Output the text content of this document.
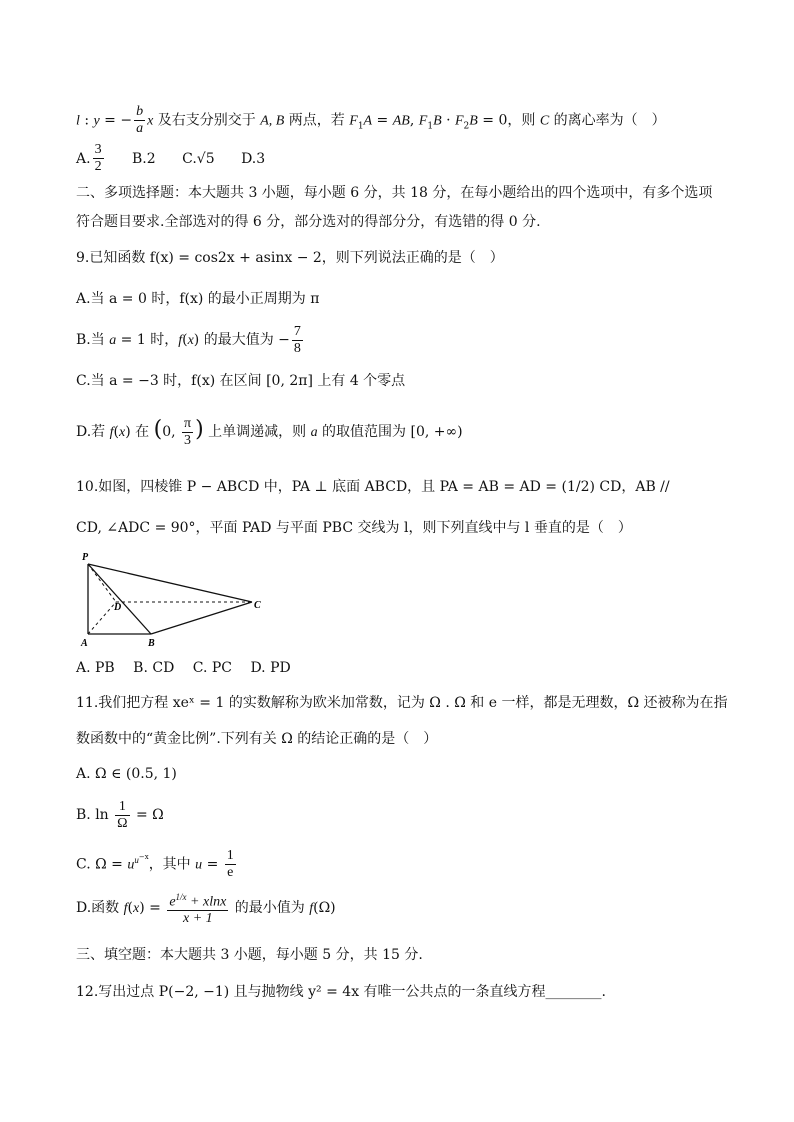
l : y = − $\frac{b}{a}$ x 及右支分别交于 A, B 两点，若 $F_1A$ = AB, $F_1B \cdot F_2B = 0$，则 C 的离心率为（　）
A. $\frac{3}{2} B.2$ C.√5 D.3
二、多项选择题：本大题共 3 小题，每小题 6 分，共 18 分，在每小题给出的四个选项中，有多个选项
符合题目要求.全部选对的得 6 分，部分选对的得部分分，有选错的得 0 分.
9.已知函数 f(x) = cos2x + asinx − 2，则下列说法正确的是（　）
A.当 a = 0 时，f(x) 的最小正周期为 π
B.当 a = 1 时，f(x) 的最大值为 − $\frac{7}{8}$
C.当 a = −3 时，f(x) 在区间 [0, 2π] 上有 4 个零点
D.若 f(x) 在 (0, $\frac{\pi}{3}$ ) 上单调递减，则 a 的取值范围为 [0, +∞)
10.如图，四棱锥 P − ABCD 中，PA ⊥ 底面 ABCD，且 PA = AB = AD = (1/2) CD，AB //
CD, ∠ADC = 90°，平面 PAD 与平面 PBC 交线为 l，则下列直线中与 l 垂直的是（　）
P
D	C
A	B
A. PB B. CD C. PC D. PD
11.我们把方程 xeˣ = 1 的实数解称为欧米加常数，记为 Ω . Ω 和 e 一样，都是无理数，Ω 还被称为在指
数函数中的“黄金比例”.下列有关 Ω 的结论正确的是（　）
A. Ω ∈ (0.5, 1)
B. $\ln \frac{1}{\Omega} = \Omega$
C. $\Omega = u^{u^{-x}}$，其中 $u = \frac{1}{e}$
D.函数 $f(x) = \frac{e^{1/x} + xlnx}{x + 1}$ 的最小值为 f(Ω)
三、填空题：本大题共 3 小题，每小题 5 分，共 15 分.
12.写出过点 P(−2, −1) 且与抛物线 y² = 4x 有唯一公共点的一条直线方程________.
